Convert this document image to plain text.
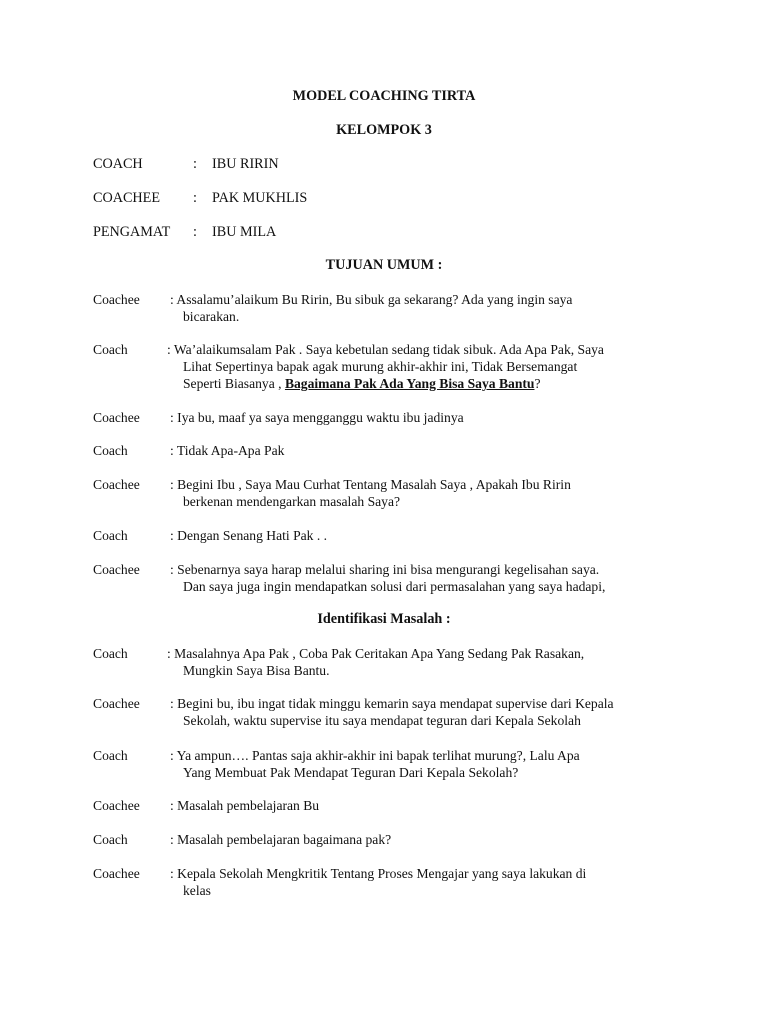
MODEL COACHING TIRTA
KELOMPOK 3
COACH	: IBU RIRIN
COACHEE : PAK MUKHLIS
PENGAMAT : IBU MILA
TUJUAN UMUM :
Coachee : Assalamu’alaikum Bu Ririn, Bu sibuk ga sekarang? Ada yang ingin saya
bicarakan.
Coach	: Wa’alaikumsalam Pak . Saya kebetulan sedang tidak sibuk. Ada Apa Pak, Saya
Lihat Sepertinya bapak agak murung akhir-akhir ini, Tidak Bersemangat
Seperti Biasanya , Bagaimana Pak Ada Yang Bisa Saya Bantu?
Coachee : Iya bu, maaf ya saya mengganggu waktu ibu jadinya
Coach	: Tidak Apa-Apa Pak
Coachee : Begini Ibu , Saya Mau Curhat Tentang Masalah Saya , Apakah Ibu Ririn
berkenan mendengarkan masalah Saya?
Coach	: Dengan Senang Hati Pak . .
Coachee : Sebenarnya saya harap melalui sharing ini bisa mengurangi kegelisahan saya.
Dan saya juga ingin mendapatkan solusi dari permasalahan yang saya hadapi,
Identifikasi Masalah :
Coach	: Masalahnya Apa Pak , Coba Pak Ceritakan Apa Yang Sedang Pak Rasakan,
Mungkin Saya Bisa Bantu.
Coachee : Begini bu, ibu ingat tidak minggu kemarin saya mendapat supervise dari Kepala
Sekolah, waktu supervise itu saya mendapat teguran dari Kepala Sekolah
Coach	: Ya ampun…. Pantas saja akhir-akhir ini bapak terlihat murung?, Lalu Apa
Yang Membuat Pak Mendapat Teguran Dari Kepala Sekolah?
Coachee : Masalah pembelajaran Bu
Coach	: Masalah pembelajaran bagaimana pak?
Coachee : Kepala Sekolah Mengkritik Tentang Proses Mengajar yang saya lakukan di
kelas
